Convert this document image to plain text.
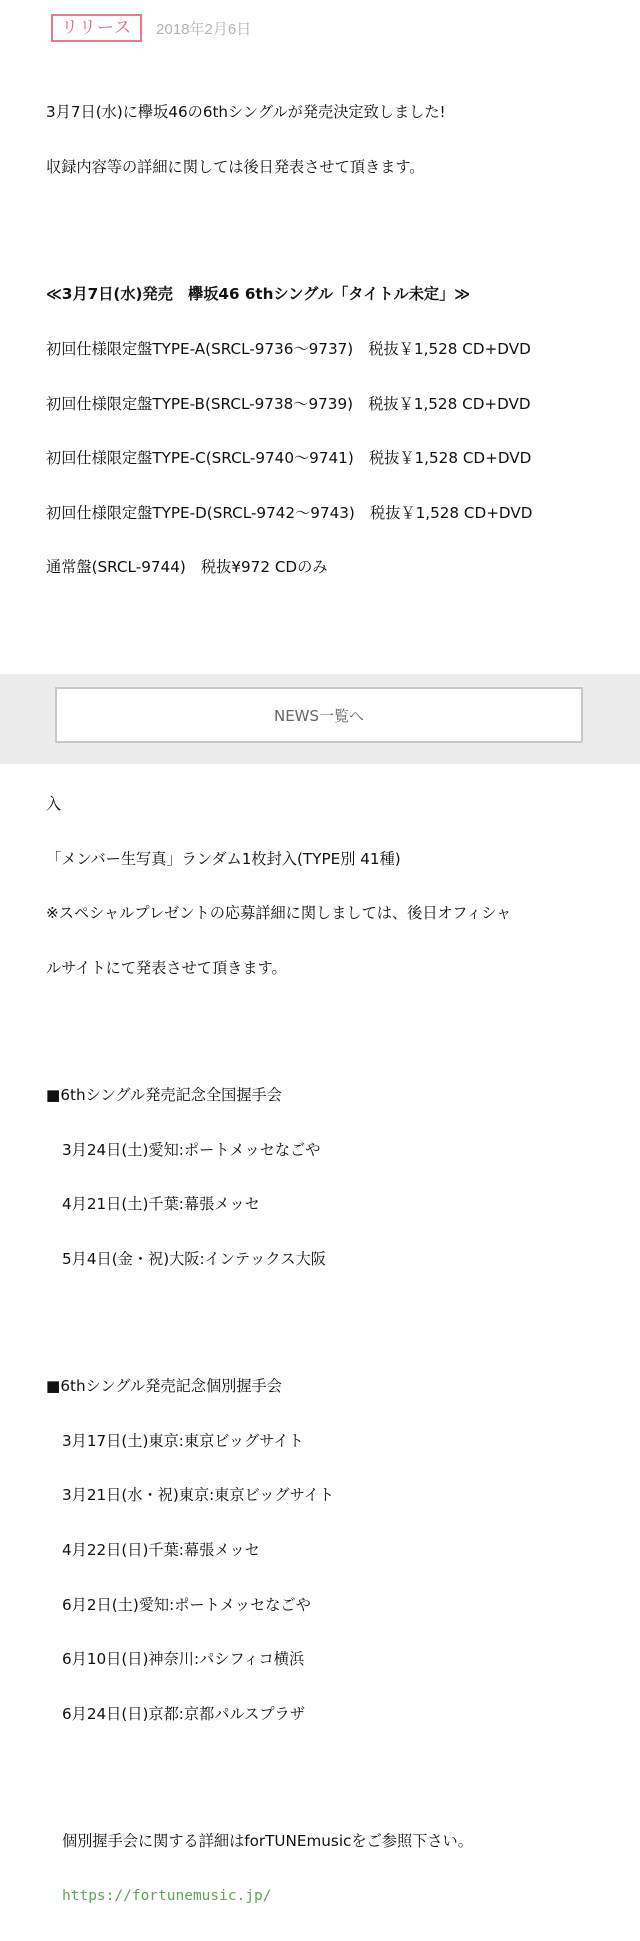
リリース	2018年2月6日

3月7日(水)に欅坂46の6thシングルが発売決定致しました!

収録内容等の詳細に関しては後日発表させて頂きます。

≪3月7日(水)発売　欅坂46 6thシングル「タイトル未定」≫

初回仕様限定盤TYPE-A(SRCL-9736～9737)　税抜￥1,528 CD+DVD

初回仕様限定盤TYPE-B(SRCL-9738～9739)　税抜￥1,528 CD+DVD

初回仕様限定盤TYPE-C(SRCL-9740～9741)　税抜￥1,528 CD+DVD

初回仕様限定盤TYPE-D(SRCL-9742～9743)　税抜￥1,528 CD+DVD

通常盤(SRCL-9744)　税抜¥972 CDのみ

入

「メンバー生写真」ランダム1枚封入(TYPE別 41種)

※スペシャルプレゼントの応募詳細に関しましては、後日オフィシャ

ルサイトにて発表させて頂きます。

■6thシングル発売記念全国握手会

3月24日(土)愛知:ポートメッセなごや

4月21日(土)千葉:幕張メッセ

5月4日(金・祝)大阪:インテックス大阪

■6thシングル発売記念個別握手会

3月17日(土)東京:東京ビッグサイト

3月21日(水・祝)東京:東京ビッグサイト

4月22日(日)千葉:幕張メッセ

6月2日(土)愛知:ポートメッセなごや

6月10日(日)神奈川:パシフィコ横浜

6月24日(日)京都:京都パルスプラザ

個別握手会に関する詳細はforTUNEmusicをご参照下さい。

https://fortunemusic.jp/

NEWS一覧へ
